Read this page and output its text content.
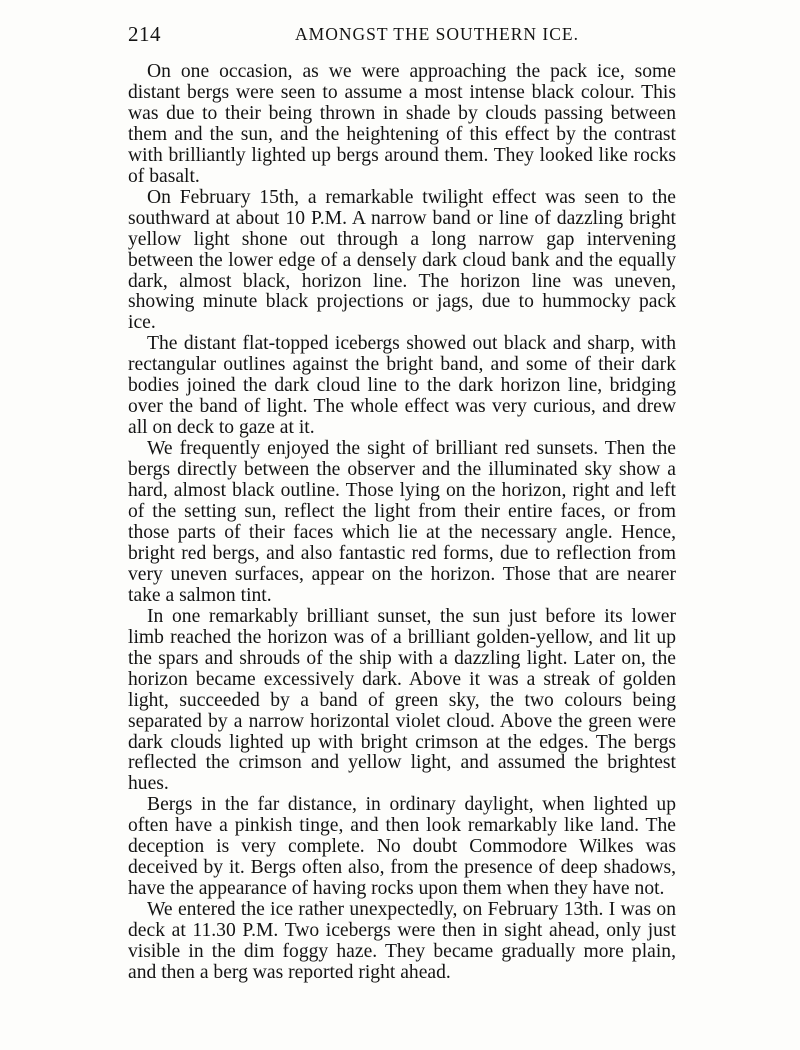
214	AMONGST THE SOUTHERN ICE.

On one occasion, as we were approaching the pack ice, some distant bergs were seen to assume a most intense black colour. This was due to their being thrown in shade by clouds passing between them and the sun, and the heightening of this effect by the contrast with brilliantly lighted up bergs around them. They looked like rocks of basalt.

On February 15th, a remarkable twilight effect was seen to the southward at about 10 P.M. A narrow band or line of dazzling bright yellow light shone out through a long narrow gap intervening between the lower edge of a densely dark cloud bank and the equally dark, almost black, horizon line. The horizon line was uneven, showing minute black projections or jags, due to hummocky pack ice.

The distant flat-topped icebergs showed out black and sharp, with rectangular outlines against the bright band, and some of their dark bodies joined the dark cloud line to the dark horizon line, bridging over the band of light. The whole effect was very curious, and drew all on deck to gaze at it.

We frequently enjoyed the sight of brilliant red sunsets. Then the bergs directly between the observer and the illuminated sky show a hard, almost black outline. Those lying on the horizon, right and left of the setting sun, reflect the light from their entire faces, or from those parts of their faces which lie at the necessary angle. Hence, bright red bergs, and also fantastic red forms, due to reflection from very uneven surfaces, appear on the horizon. Those that are nearer take a salmon tint.

In one remarkably brilliant sunset, the sun just before its lower limb reached the horizon was of a brilliant golden-yellow, and lit up the spars and shrouds of the ship with a dazzling light. Later on, the horizon became excessively dark. Above it was a streak of golden light, succeeded by a band of green sky, the two colours being separated by a narrow horizontal violet cloud. Above the green were dark clouds lighted up with bright crimson at the edges. The bergs reflected the crimson and yellow light, and assumed the brightest hues.

Bergs in the far distance, in ordinary daylight, when lighted up often have a pinkish tinge, and then look remarkably like land. The deception is very complete. No doubt Commodore Wilkes was deceived by it. Bergs often also, from the presence of deep shadows, have the appearance of having rocks upon them when they have not.

We entered the ice rather unexpectedly, on February 13th. I was on deck at 11.30 P.M. Two icebergs were then in sight ahead, only just visible in the dim foggy haze. They became gradually more plain, and then a berg was reported right ahead.
